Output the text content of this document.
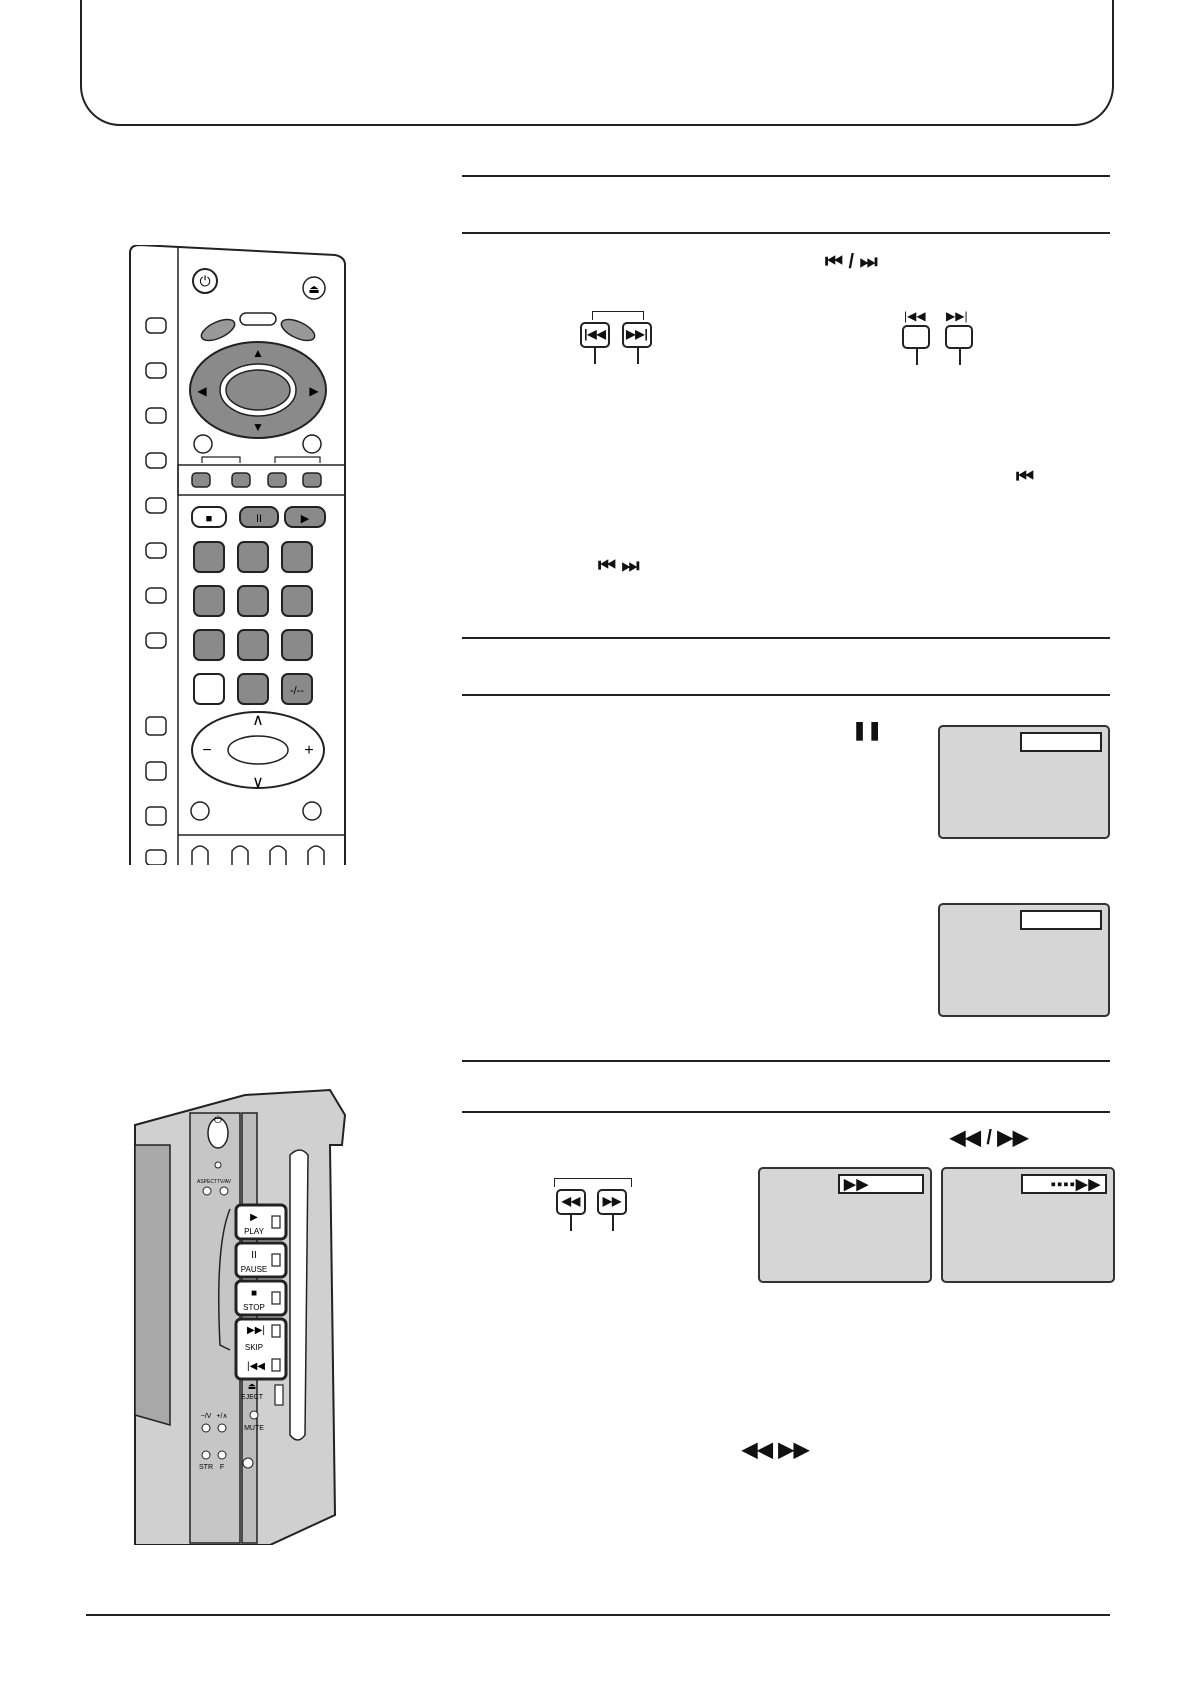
⏮ / ⏭
|◀◀	▶▶|
|◀◀ ▶▶|
⏮
⏮ ⏭
❚❚
◀◀ / ▶▶
◀◀	▶▶
▶▶	▪▪▪▪▶▶
◀◀ ▶▶
⏻	⏏
▲
▼
◀	▶
■	II	▶
-/--
∧
∨
−	+
⏻
ASPECT TV/AV
▶
PLAY
II
PAUSE
■
STOP
▶▶|
SKIP
|◀◀
⏏
EJECT
MUTE
−/V +/∧
STR F
